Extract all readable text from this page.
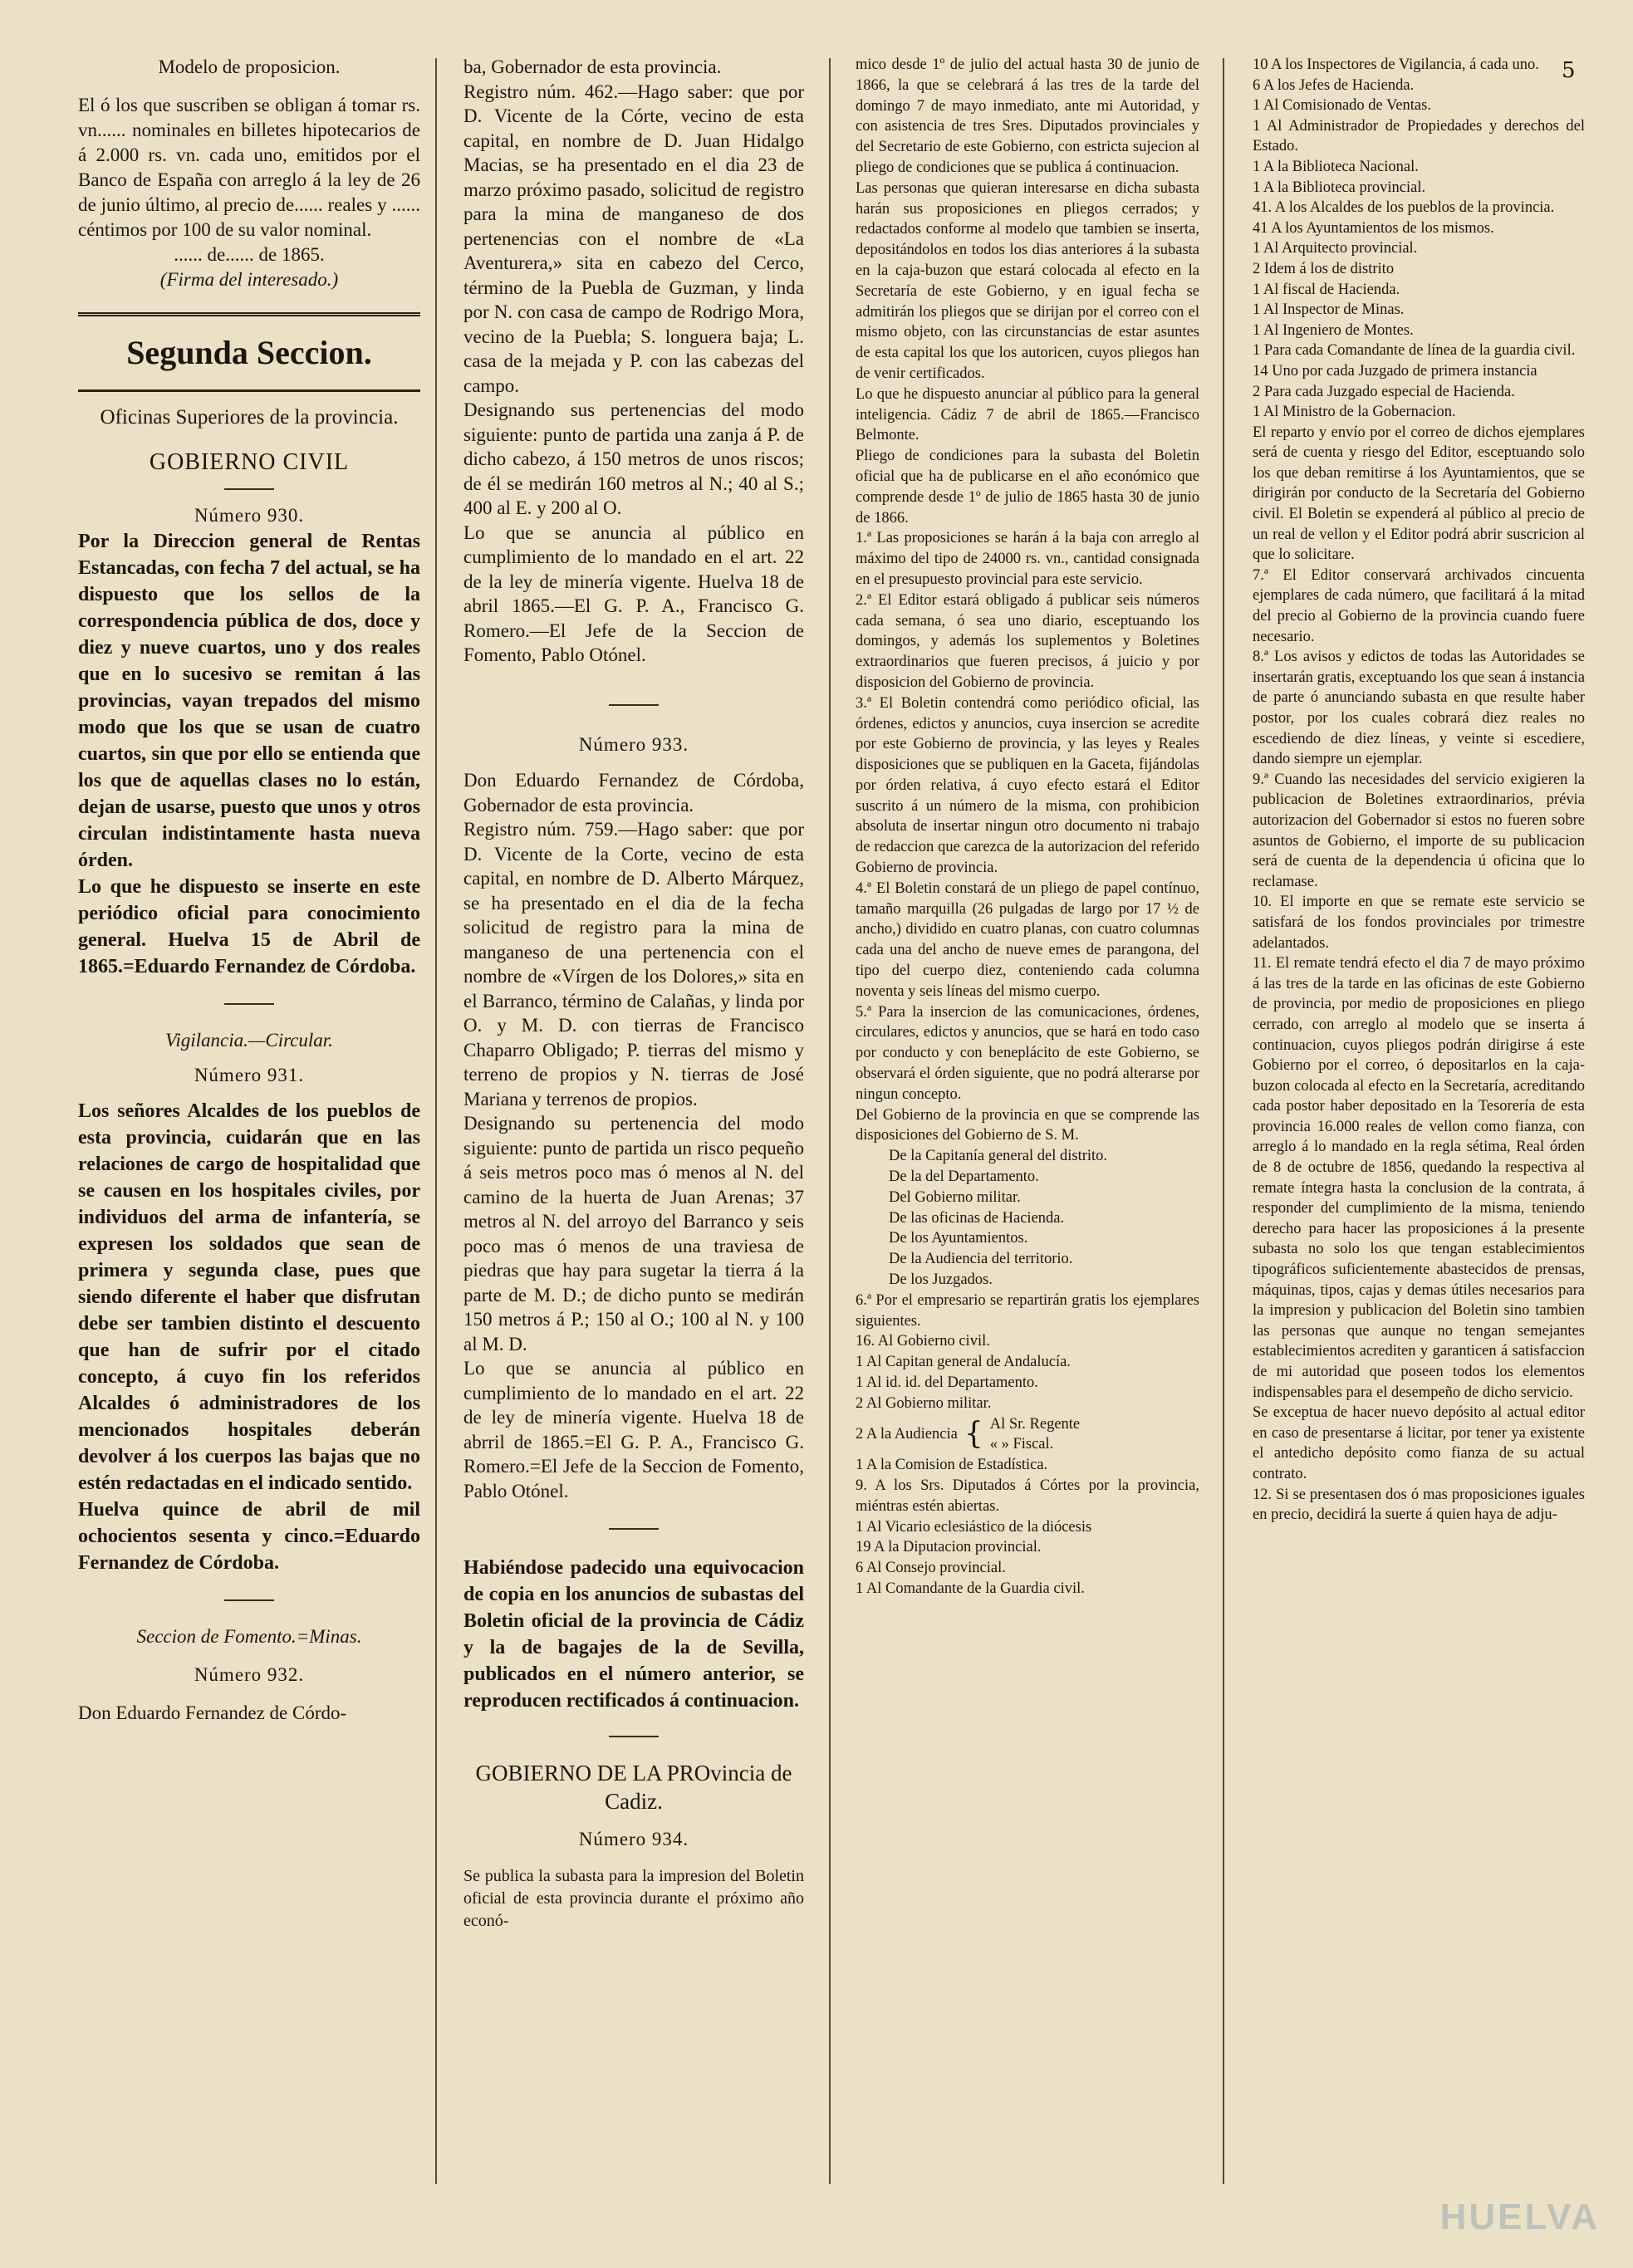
5

Modelo de proposicion.

El ó los que suscriben se obligan á tomar rs. vn...... nominales en billetes hipotecarios de á 2.000 rs. vn. cada uno, emitidos por el Banco de España con arreglo á la ley de 26 de junio último, al precio de...... reales y ...... céntimos por 100 de su valor nominal.

...... de...... de 1865.

(Firma del interesado.)

Segunda Seccion.

Oficinas Superiores de la provincia.

GOBIERNO CIVIL

Número 930.

Por la Direccion general de Rentas Estancadas, con fecha 7 del actual, se ha dispuesto que los sellos de la correspondencia pública de dos, doce y diez y nueve cuartos, uno y dos reales que en lo sucesivo se remitan á las provincias, vayan trepados del mismo modo que los que se usan de cuatro cuartos, sin que por ello se entienda que los que de aquellas clases no lo están, dejan de usarse, puesto que unos y otros circulan indistintamente hasta nueva órden.

Lo que he dispuesto se inserte en este periódico oficial para conocimiento general. Huelva 15 de Abril de 1865.=Eduardo Fernandez de Córdoba.

Vigilancia.—Circular.

Número 931.

Los señores Alcaldes de los pueblos de esta provincia, cuidarán que en las relaciones de cargo de hospitalidad que se causen en los hospitales civiles, por individuos del arma de infantería, se expresen los soldados que sean de primera y segunda clase, pues que siendo diferente el haber que disfrutan debe ser tambien distinto el descuento que han de sufrir por el citado concepto, á cuyo fin los referidos Alcaldes ó administradores de los mencionados hospitales deberán devolver á los cuerpos las bajas que no estén redactadas en el indicado sentido.

Huelva quince de abril de mil ochocientos sesenta y cinco.=Eduardo Fernandez de Córdoba.

Seccion de Fomento.=Minas.

Número 932.

Don Eduardo Fernandez de Córdo-

ba, Gobernador de esta provincia.

Registro núm. 462.—Hago saber: que por D. Vicente de la Córte, vecino de esta capital, en nombre de D. Juan Hidalgo Macias, se ha presentado en el dia 23 de marzo próximo pasado, solicitud de registro para la mina de manganeso de dos pertenencias con el nombre de «La Aventurera,» sita en cabezo del Cerco, término de la Puebla de Guzman, y linda por N. con casa de campo de Rodrigo Mora, vecino de la Puebla; S. longuera baja; L. casa de la mejada y P. con las cabezas del campo.

Designando sus pertenencias del modo siguiente: punto de partida una zanja á P. de dicho cabezo, á 150 metros de unos riscos; de él se medirán 160 metros al N.; 40 al S.; 400 al E. y 200 al O.

Lo que se anuncia al público en cumplimiento de lo mandado en el art. 22 de la ley de minería vigente. Huelva 18 de abril 1865.—El G. P. A., Francisco G. Romero.—El Jefe de la Seccion de Fomento, Pablo Otónel.

Número 933.

Don Eduardo Fernandez de Córdoba, Gobernador de esta provincia.

Registro núm. 759.—Hago saber: que por D. Vicente de la Corte, vecino de esta capital, en nombre de D. Alberto Márquez, se ha presentado en el dia de la fecha solicitud de registro para la mina de manganeso de una pertenencia con el nombre de «Vírgen de los Dolores,» sita en el Barranco, término de Calañas, y linda por O. y M. D. con tierras de Francisco Chaparro Obligado; P. tierras del mismo y terreno de propios y N. tierras de José Mariana y terrenos de propios.

Designando su pertenencia del modo siguiente: punto de partida un risco pequeño á seis metros poco mas ó menos al N. del camino de la huerta de Juan Arenas; 37 metros al N. del arroyo del Barranco y seis poco mas ó menos de una traviesa de piedras que hay para sugetar la tierra á la parte de M. D.; de dicho punto se medirán 150 metros á P.; 150 al O.; 100 al N. y 100 al M. D.

Lo que se anuncia al público en cumplimiento de lo mandado en el art. 22 de ley de minería vigente. Huelva 18 de abrril de 1865.=El G. P. A., Francisco G. Romero.=El Jefe de la Seccion de Fomento, Pablo Otónel.

Habiéndose padecido una equivocacion de copia en los anuncios de subastas del Boletin oficial de la provincia de Cádiz y la de bagajes de la de Sevilla, publicados en el número anterior, se reproducen rectificados á continuacion.

GOBIERNO DE LA PROvincia de Cadiz.

Número 934.

Se publica la subasta para la impresion del Boletin oficial de esta provincia durante el próximo año econó-

mico desde 1º de julio del actual hasta 30 de junio de 1866, la que se celebrará á las tres de la tarde del domingo 7 de mayo inmediato, ante mi Autoridad, y con asistencia de tres Sres. Diputados provinciales y del Secretario de este Gobierno, con estricta sujecion al pliego de condiciones que se publica á continuacion.

Las personas que quieran interesarse en dicha subasta harán sus proposiciones en pliegos cerrados; y redactados conforme al modelo que tambien se inserta, depositándolos en todos los dias anteriores á la subasta en la caja-buzon que estará colocada al efecto en la Secretaría de este Gobierno, y en igual fecha se admitirán los pliegos que se dirijan por el correo con el mismo objeto, con las circunstancias de estar asuntes de esta capital los que los autoricen, cuyos pliegos han de venir certificados.

Lo que he dispuesto anunciar al público para la general inteligencia. Cádiz 7 de abril de 1865.—Francisco Belmonte.

Pliego de condiciones para la subasta del Boletin oficial que ha de publicarse en el año económico que comprende desde 1º de julio de 1865 hasta 30 de junio de 1866.

1.ª Las proposiciones se harán á la baja con arreglo al máximo del tipo de 24000 rs. vn., cantidad consignada en el presupuesto provincial para este servicio.

2.ª El Editor estará obligado á publicar seis números cada semana, ó sea uno diario, esceptuando los domingos, y además los suplementos y Boletines extraordinarios que fueren precisos, á juicio y por disposicion del Gobierno de provincia.

3.ª El Boletin contendrá como periódico oficial, las órdenes, edictos y anuncios, cuya insercion se acredite por este Gobierno de provincia, y las leyes y Reales disposiciones que se publiquen en la Gaceta, fijándolas por órden relativa, á cuyo efecto estará el Editor suscrito á un número de la misma, con prohibicion absoluta de insertar ningun otro documento ni trabajo de redaccion que carezca de la autorizacion del referido Gobierno de provincia.

4.ª El Boletin constará de un pliego de papel contínuo, tamaño marquilla (26 pulgadas de largo por 17 ½ de ancho,) dividido en cuatro planas, con cuatro columnas cada una del ancho de nueve emes de parangona, del tipo del cuerpo diez, conteniendo cada columna noventa y seis líneas del mismo cuerpo.

5.ª Para la insercion de las comunicaciones, órdenes, circulares, edictos y anuncios, que se hará en todo caso por conducto y con beneplácito de este Gobierno, se observará el órden siguiente, que no podrá alterarse por ningun concepto.

Del Gobierno de la provincia en que se comprende las disposiciones del Gobierno de S. M.

De la Capitanía general del distrito.

De la del Departamento.

Del Gobierno militar.

De las oficinas de Hacienda.

De los Ayuntamientos.

De la Audiencia del territorio.

De los Juzgados.

6.ª Por el empresario se repartirán gratis los ejemplares siguientes.

16. Al Gobierno civil.

1 Al Capitan general de Andalucía.

1 Al id. id. del Departamento.

2 Al Gobierno militar.

2 A la Audiencia { Al Sr. Regente
« » Fiscal.

1 A la Comision de Estadística.

9. A los Srs. Diputados á Córtes por la provincia, miéntras estén abiertas.

1 Al Vicario eclesiástico de la diócesis

19 A la Diputacion provincial.

6 Al Consejo provincial.

1 Al Comandante de la Guardia civil.

10 A los Inspectores de Vigilancia, á cada uno.

6 A los Jefes de Hacienda.

1 Al Comisionado de Ventas.

1 Al Administrador de Propiedades y derechos del Estado.

1 A la Biblioteca Nacional.

1 A la Biblioteca provincial.

41. A los Alcaldes de los pueblos de la provincia.

41 A los Ayuntamientos de los mismos.

1 Al Arquitecto provincial.

2 Idem á los de distrito

1 Al fiscal de Hacienda.

1 Al Inspector de Minas.

1 Al Ingeniero de Montes.

1 Para cada Comandante de línea de la guardia civil.

14 Uno por cada Juzgado de primera instancia

2 Para cada Juzgado especial de Hacienda.

1 Al Ministro de la Gobernacion.

El reparto y envío por el correo de dichos ejemplares será de cuenta y riesgo del Editor, esceptuando solo los que deban remitirse á los Ayuntamientos, que se dirigirán por conducto de la Secretaría del Gobierno civil. El Boletin se expenderá al público al precio de un real de vellon y el Editor podrá abrir suscricion al que lo solicitare.

7.ª El Editor conservará archivados cincuenta ejemplares de cada número, que facilitará á la mitad del precio al Gobierno de la provincia cuando fuere necesario.

8.ª Los avisos y edictos de todas las Autoridades se insertarán gratis, exceptuando los que sean á instancia de parte ó anunciando subasta en que resulte haber postor, por los cuales cobrará diez reales no escediendo de diez líneas, y veinte si escediere, dando siempre un ejemplar.

9.ª Cuando las necesidades del servicio exigieren la publicacion de Boletines extraordinarios, prévia autorizacion del Gobernador si estos no fueren sobre asuntos de Gobierno, el importe de su publicacion será de cuenta de la dependencia ú oficina que lo reclamase.

10. El importe en que se remate este servicio se satisfará de los fondos provinciales por trimestre adelantados.

11. El remate tendrá efecto el dia 7 de mayo próximo á las tres de la tarde en las oficinas de este Gobierno de provincia, por medio de proposiciones en pliego cerrado, con arreglo al modelo que se inserta á continuacion, cuyos pliegos podrán dirigirse á este Gobierno por el correo, ó depositarlos en la caja-buzon colocada al efecto en la Secretaría, acreditando cada postor haber depositado en la Tesorería de esta provincia 16.000 reales de vellon como fianza, con arreglo á lo mandado en la regla sétima, Real órden de 8 de octubre de 1856, quedando la respectiva al remate íntegra hasta la conclusion de la contrata, á responder del cumplimiento de la misma, teniendo derecho para hacer las proposiciones á la presente subasta no solo los que tengan establecimientos tipográficos suficientemente abastecidos de prensas, máquinas, tipos, cajas y demas útiles necesarios para la impresion y publicacion del Boletin sino tambien las personas que aunque no tengan semejantes establecimientos acrediten y garanticen á satisfaccion de mi autoridad que poseen todos los elementos indispensables para el desempeño de dicho servicio.

Se exceptua de hacer nuevo depósito al actual editor en caso de presentarse á licitar, por tener ya existente el antedicho depósito como fianza de su actual contrato.

12. Si se presentasen dos ó mas proposiciones iguales en precio, decidirá la suerte á quien haya de adju-

HUELVA
